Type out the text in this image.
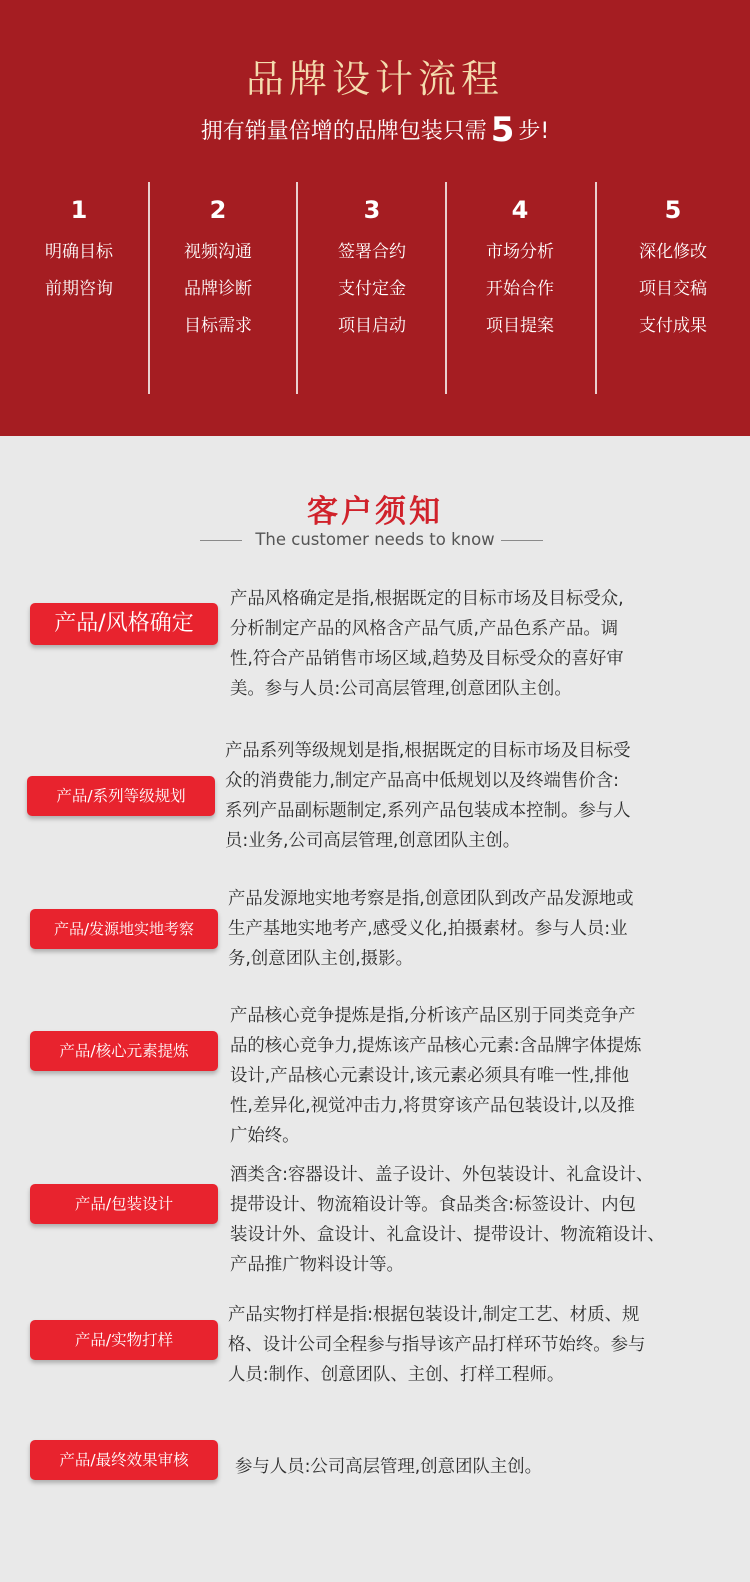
品牌设计流程
拥有销量倍增的品牌包装只需 5 步!
1
明确目标
前期咨询
2
视频沟通
品牌诊断
目标需求
3
签署合约
支付定金
项目启动
4
市场分析
开始合作
项目提案
5
深化修改
项目交稿
支付成果
客户须知
The customer needs to know
产品/风格确定
产品风格确定是指,根据既定的目标市场及目标受众,
分析制定产品的风格含产品气质,产品色系产品。调
性,符合产品销售市场区域,趋势及目标受众的喜好审
美。参与人员:公司高层管理,创意团队主创。
产品/系列等级规划
产品系列等级规划是指,根据既定的目标市场及目标受
众的消费能力,制定产品高中低规划以及终端售价含:
系列产品副标题制定,系列产品包装成本控制。参与人
员:业务,公司高层管理,创意团队主创。
产品/发源地实地考察
产品发源地实地考察是指,创意团队到改产品发源地或
生产基地实地考产,感受义化,拍摄素材。参与人员:业
务,创意团队主创,摄影。
产品/核心元素提炼
产品核心竞争提炼是指,分析该产品区别于同类竞争产
品的核心竞争力,提炼该产品核心元素:含品牌字体提炼
设计,产品核心元素设计,该元素必须具有唯一性,排他
性,差异化,视觉冲击力,将贯穿该产品包装设计,以及推
广始终。
产品/包装设计
酒类含:容器设计、盖子设计、外包装设计、礼盒设计、
提带设计、物流箱设计等。食品类含:标签设计、内包
装设计外、盒设计、礼盒设计、提带设计、物流箱设计、
产品推广物料设计等。
产品/实物打样
产品实物打样是指:根据包装设计,制定工艺、材质、规
格、设计公司全程参与指导该产品打样环节始终。参与
人员:制作、创意团队、主创、打样工程师。
产品/最终效果审核	参与人员:公司高层管理,创意团队主创。
